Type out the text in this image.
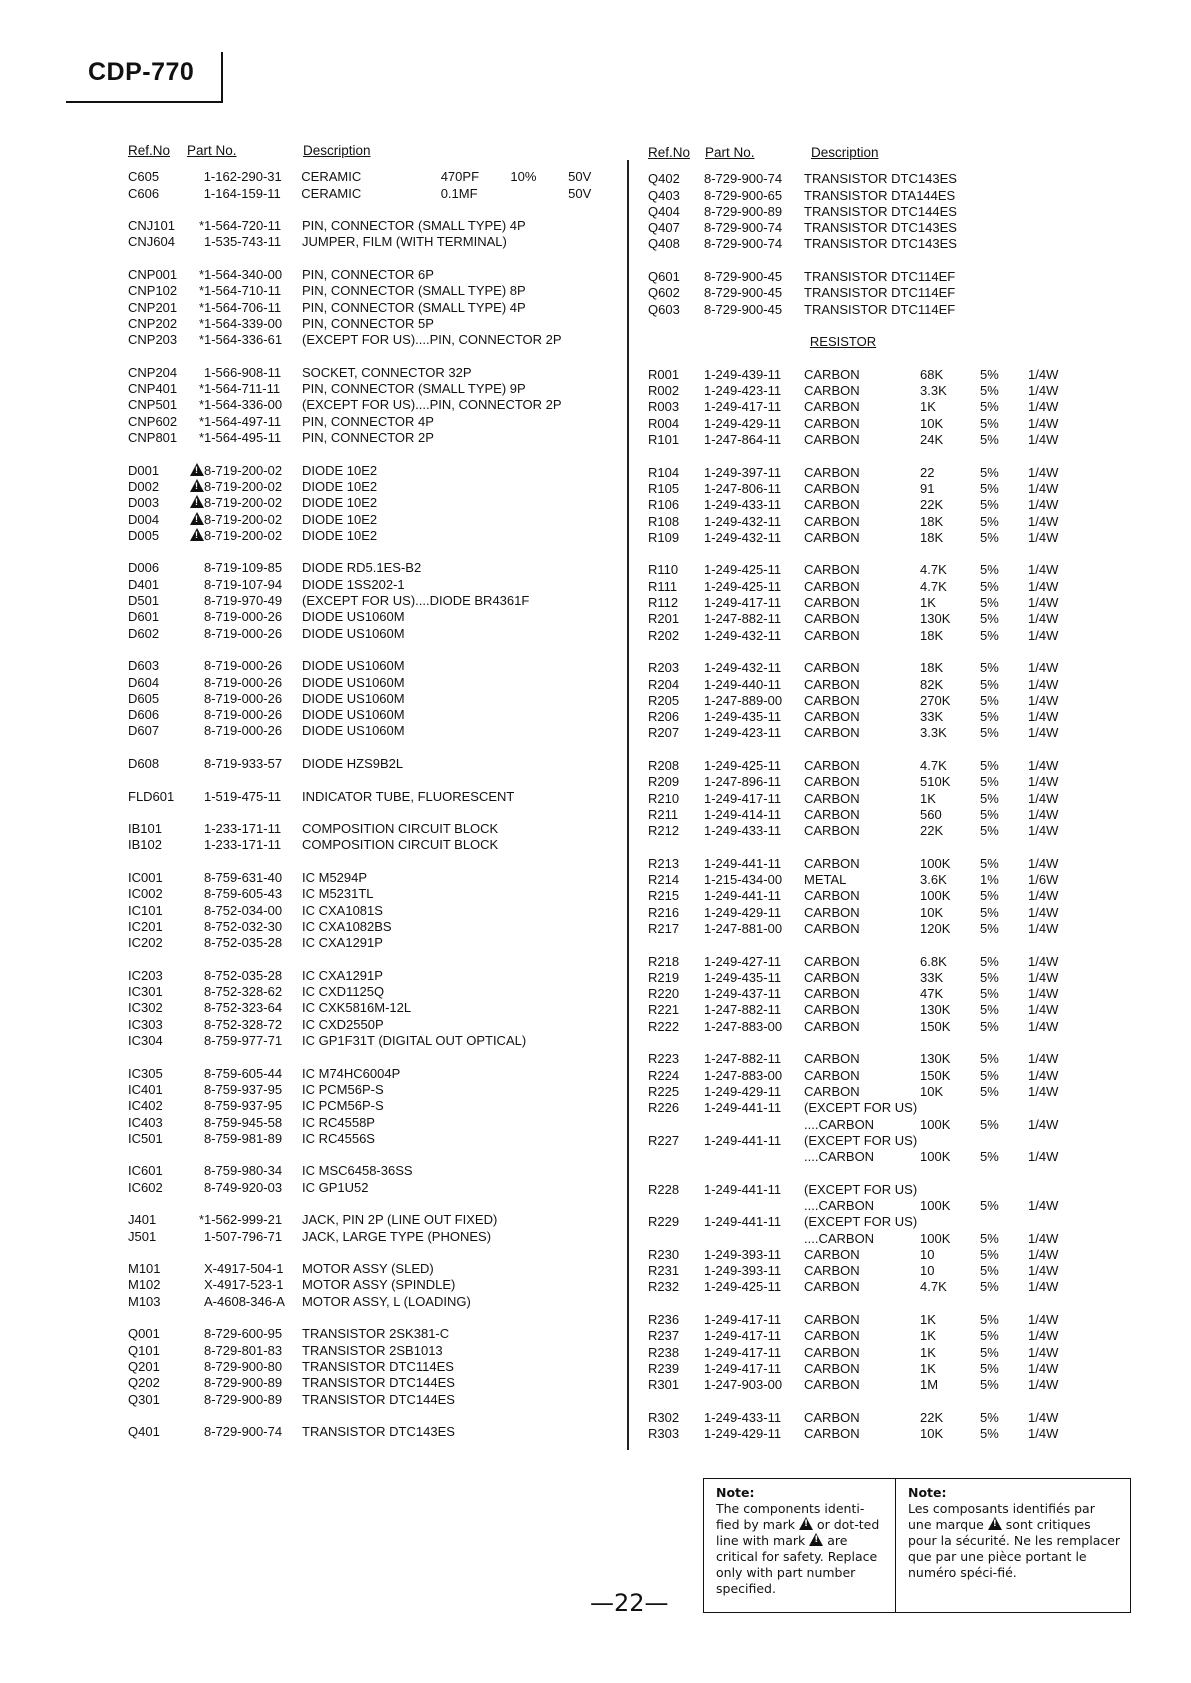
CDP-770
Ref.No	Part No.	Description
C605	1-162-290-31	CERAMIC	470PF	10%	50V
C606	1-164-159-11	CERAMIC	0.1MF	50V
CNJ101	* 1-564-720-11	PIN, CONNECTOR (SMALL TYPE) 4P
CNJ604	1-535-743-11	JUMPER, FILM (WITH TERMINAL)
CNP001	* 1-564-340-00	PIN, CONNECTOR 6P
CNP102	* 1-564-710-11	PIN, CONNECTOR (SMALL TYPE) 8P
CNP201	* 1-564-706-11	PIN, CONNECTOR (SMALL TYPE) 4P
CNP202	* 1-564-339-00	PIN, CONNECTOR 5P
CNP203	* 1-564-336-61	(EXCEPT FOR US)....PIN, CONNECTOR 2P
CNP204	1-566-908-11	SOCKET, CONNECTOR 32P
CNP401	* 1-564-711-11	PIN, CONNECTOR (SMALL TYPE) 9P
CNP501	* 1-564-336-00	(EXCEPT FOR US)....PIN, CONNECTOR 2P
CNP602	* 1-564-497-11	PIN, CONNECTOR 4P
CNP801	* 1-564-495-11	PIN, CONNECTOR 2P
D001 !	8-719-200-02	DIODE 10E2
D002 !	8-719-200-02	DIODE 10E2
D003 !	8-719-200-02	DIODE 10E2
D004 !	8-719-200-02	DIODE 10E2
D005 !	8-719-200-02	DIODE 10E2
D006	8-719-109-85	DIODE RD5.1ES-B2
D401	8-719-107-94	DIODE 1SS202-1
D501	8-719-970-49	(EXCEPT FOR US)....DIODE BR4361F
D601	8-719-000-26	DIODE US1060M
D602	8-719-000-26	DIODE US1060M
D603	8-719-000-26	DIODE US1060M
D604	8-719-000-26	DIODE US1060M
D605	8-719-000-26	DIODE US1060M
D606	8-719-000-26	DIODE US1060M
D607	8-719-000-26	DIODE US1060M
D608	8-719-933-57	DIODE HZS9B2L
FLD601	1-519-475-11	INDICATOR TUBE, FLUORESCENT
IB101	1-233-171-11	COMPOSITION CIRCUIT BLOCK
IB102	1-233-171-11	COMPOSITION CIRCUIT BLOCK
IC001	8-759-631-40	IC M5294P
IC002	8-759-605-43	IC M5231TL
IC101	8-752-034-00	IC CXA1081S
IC201	8-752-032-30	IC CXA1082BS
IC202	8-752-035-28	IC CXA1291P
IC203	8-752-035-28	IC CXA1291P
IC301	8-752-328-62	IC CXD1125Q
IC302	8-752-323-64	IC CXK5816M-12L
IC303	8-752-328-72	IC CXD2550P
IC304	8-759-977-71	IC GP1F31T (DIGITAL OUT OPTICAL)
IC305	8-759-605-44	IC M74HC6004P
IC401	8-759-937-95	IC PCM56P-S
IC402	8-759-937-95	IC PCM56P-S
IC403	8-759-945-58	IC RC4558P
IC501	8-759-981-89	IC RC4556S
IC601	8-759-980-34	IC MSC6458-36SS
IC602	8-749-920-03	IC GP1U52
J401	* 1-562-999-21	JACK, PIN 2P (LINE OUT FIXED)
J501	1-507-796-71	JACK, LARGE TYPE (PHONES)
M101	X-4917-504-1	MOTOR ASSY (SLED)
M102	X-4917-523-1	MOTOR ASSY (SPINDLE)
M103	A-4608-346-A	MOTOR ASSY, L (LOADING)
Q001	8-729-600-95	TRANSISTOR 2SK381-C
Q101	8-729-801-83	TRANSISTOR 2SB1013
Q201	8-729-900-80	TRANSISTOR DTC114ES
Q202	8-729-900-89	TRANSISTOR DTC144ES
Q301	8-729-900-89	TRANSISTOR DTC144ES
Q401	8-729-900-74	TRANSISTOR DTC143ES
Ref.No	Part No.	Description
Q402	8-729-900-74	TRANSISTOR DTC143ES
Q403	8-729-900-65	TRANSISTOR DTA144ES
Q404	8-729-900-89	TRANSISTOR DTC144ES
Q407	8-729-900-74	TRANSISTOR DTC143ES
Q408	8-729-900-74	TRANSISTOR DTC143ES
Q601	8-729-900-45	TRANSISTOR DTC114EF
Q602	8-729-900-45	TRANSISTOR DTC114EF
Q603	8-729-900-45	TRANSISTOR DTC114EF
RESISTOR
R001	1-249-439-11	CARBON	68K	5%	1/4W
R002	1-249-423-11	CARBON	3.3K	5%	1/4W
R003	1-249-417-11	CARBON	1K	5%	1/4W
R004	1-249-429-11	CARBON	10K	5%	1/4W
R101	1-247-864-11	CARBON	24K	5%	1/4W
R104	1-249-397-11	CARBON	22	5%	1/4W
R105	1-247-806-11	CARBON	91	5%	1/4W
R106	1-249-433-11	CARBON	22K	5%	1/4W
R108	1-249-432-11	CARBON	18K	5%	1/4W
R109	1-249-432-11	CARBON	18K	5%	1/4W
R110	1-249-425-11	CARBON	4.7K	5%	1/4W
R111	1-249-425-11	CARBON	4.7K	5%	1/4W
R112	1-249-417-11	CARBON	1K	5%	1/4W
R201	1-247-882-11	CARBON	130K	5%	1/4W
R202	1-249-432-11	CARBON	18K	5%	1/4W
R203	1-249-432-11	CARBON	18K	5%	1/4W
R204	1-249-440-11	CARBON	82K	5%	1/4W
R205	1-247-889-00	CARBON	270K	5%	1/4W
R206	1-249-435-11	CARBON	33K	5%	1/4W
R207	1-249-423-11	CARBON	3.3K	5%	1/4W
R208	1-249-425-11	CARBON	4.7K	5%	1/4W
R209	1-247-896-11	CARBON	510K	5%	1/4W
R210	1-249-417-11	CARBON	1K	5%	1/4W
R211	1-249-414-11	CARBON	560	5%	1/4W
R212	1-249-433-11	CARBON	22K	5%	1/4W
R213	1-249-441-11	CARBON	100K	5%	1/4W
R214	1-215-434-00	METAL	3.6K	1%	1/6W
R215	1-249-441-11	CARBON	100K	5%	1/4W
R216	1-249-429-11	CARBON	10K	5%	1/4W
R217	1-247-881-00	CARBON	120K	5%	1/4W
R218	1-249-427-11	CARBON	6.8K	5%	1/4W
R219	1-249-435-11	CARBON	33K	5%	1/4W
R220	1-249-437-11	CARBON	47K	5%	1/4W
R221	1-247-882-11	CARBON	130K	5%	1/4W
R222	1-247-883-00	CARBON	150K	5%	1/4W
R223	1-247-882-11	CARBON	130K	5%	1/4W
R224	1-247-883-00	CARBON	150K	5%	1/4W
R225	1-249-429-11	CARBON	10K	5%	1/4W
R226	1-249-441-11	(EXCEPT FOR US)
....CARBON	100K	5%	1/4W
R227	1-249-441-11	(EXCEPT FOR US)
....CARBON	100K	5%	1/4W
R228	1-249-441-11	(EXCEPT FOR US)
....CARBON	100K	5%	1/4W
R229	1-249-441-11	(EXCEPT FOR US)
....CARBON	100K	5%	1/4W
R230	1-249-393-11	CARBON	10	5%	1/4W
R231	1-249-393-11	CARBON	10	5%	1/4W
R232	1-249-425-11	CARBON	4.7K	5%	1/4W
R236	1-249-417-11	CARBON	1K	5%	1/4W
R237	1-249-417-11	CARBON	1K	5%	1/4W
R238	1-249-417-11	CARBON	1K	5%	1/4W
R239	1-249-417-11	CARBON	1K	5%	1/4W
R301	1-247-903-00	CARBON	1M	5%	1/4W
R302	1-249-433-11	CARBON	22K	5%	1/4W
R303	1-249-429-11	CARBON	10K	5%	1/4W
Note:
The components identi-fied by mark ! or dot-ted line with mark ! are critical for safety. Replace only with part number specified.
Note:
Les composants identifiés par une marque ! sont critiques pour la sécurité. Ne les remplacer que par une pièce portant le numéro spéci-fié.
—22—
